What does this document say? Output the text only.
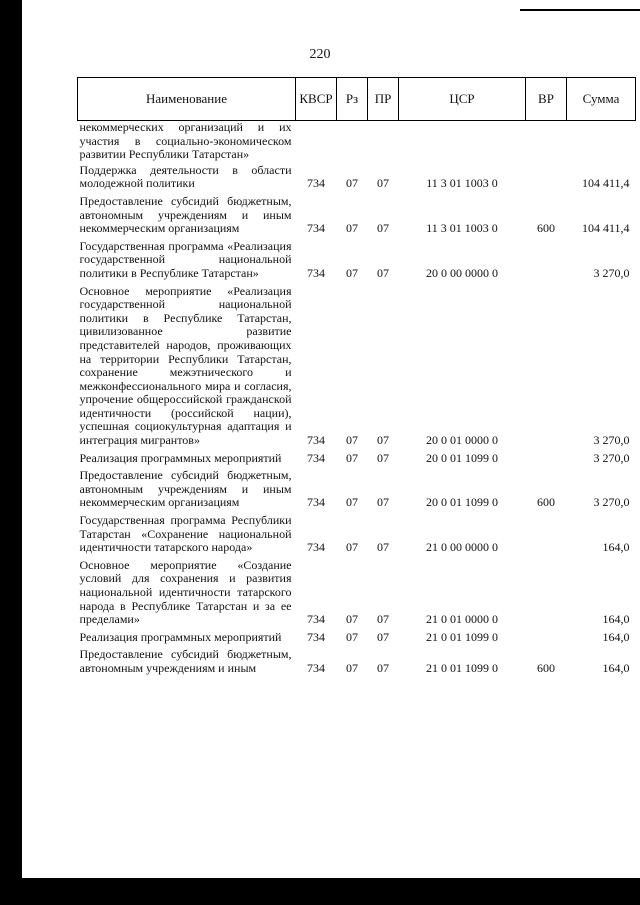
220
Наименование	КВСР	Рз	ПР	ЦСР	ВР	Сумма
некоммерческих организаций и их участия в социально-экономическом развитии Республики Татарстан»						
Поддержка деятельности в области молодежной политики	734	07	07	11 3 01 1003 0		104 411,4
Предоставление субсидий бюджетным, автономным учреждениям и иным некоммерческим организациям	734	07	07	11 3 01 1003 0	600	104 411,4
Государственная программа «Реализация государственной национальной политики в Республике Татарстан»	734	07	07	20 0 00 0000 0		3 270,0
Основное мероприятие «Реализация государственной национальной политики в Республике Татарстан, цивилизованное развитие представителей народов, проживающих на территории Республики Татарстан, сохранение межэтнического и межконфессионального мира и согласия, упрочение общероссийской гражданской идентичности (российской нации), успешная социокультурная адаптация и интеграция мигрантов»	734	07	07	20 0 01 0000 0		3 270,0
Реализация программных мероприятий	734	07	07	20 0 01 1099 0		3 270,0
Предоставление субсидий бюджетным, автономным учреждениям и иным некоммерческим организациям	734	07	07	20 0 01 1099 0	600	3 270,0
Государственная программа Республики Татарстан «Сохранение национальной идентичности татарского народа»	734	07	07	21 0 00 0000 0		164,0
Основное мероприятие «Создание условий для сохранения и развития национальной идентичности татарского народа в Республике Татарстан и за ее пределами»	734	07	07	21 0 01 0000 0		164,0
Реализация программных мероприятий	734	07	07	21 0 01 1099 0		164,0
Предоставление субсидий бюджетным, автономным учреждениям и иным	734	07	07	21 0 01 1099 0	600	164,0
